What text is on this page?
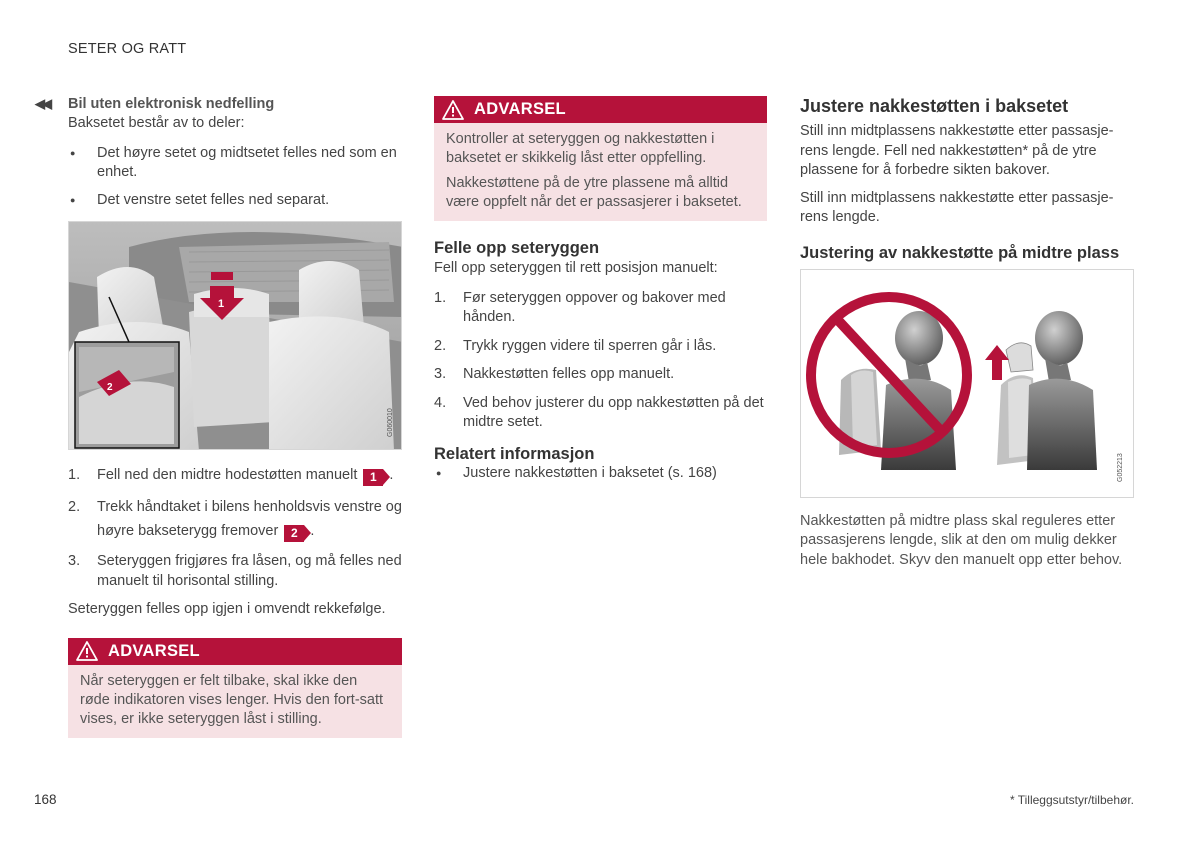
SETER OG RATT
◀◀ Bil uten elektronisk nedfelling
Baksetet består av to deler:
● Det høyre setet og midtsetet felles ned som en enhet.
● Det venstre setet felles ned separat.
1
2
G060010
1. Fell ned den midtre hodestøtten manuelt 1 .
2. Trekk håndtaket i bilens henholdsvis venstre og høyre bakseterygg fremover 2 .
3. Seteryggen frigjøres fra låsen, og må felles ned manuelt til horisontal stilling.
Seteryggen felles opp igjen i omvendt rekkefølge.
ADVARSEL
Når seteryggen er felt tilbake, skal ikke den røde indikatoren vises lenger. Hvis den fort-satt vises, er ikke seteryggen låst i stilling.
ADVARSEL

Kontroller at seteryggen og nakkestøtten i baksetet er skikkelig låst etter oppfelling.

Nakkestøttene på de ytre plassene må alltid være oppfelt når det er passasjerer i baksetet.

Felle opp seteryggen
Fell opp seteryggen til rett posisjon manuelt:
1. Før seteryggen oppover og bakover med hånden.
2. Trykk ryggen videre til sperren går i lås.
3. Nakkestøtten felles opp manuelt.
4. Ved behov justerer du opp nakkestøtten på det midtre setet.
Relatert informasjon
● Justere nakkestøtten i baksetet (s. 168)
Justere nakkestøtten i baksetet
Still inn midtplassens nakkestøtte etter passasje-rens lengde. Fell ned nakkestøtten* på de ytre plassene for å forbedre sikten bakover.
Still inn midtplassens nakkestøtte etter passasje-rens lengde.
Justering av nakkestøtte på midtre plass
G052213
Nakkestøtten på midtre plass skal reguleres etter passasjerens lengde, slik at den om mulig dekker hele bakhodet. Skyv den manuelt opp etter behov.
168	* Tilleggsutstyr/tilbehør.
